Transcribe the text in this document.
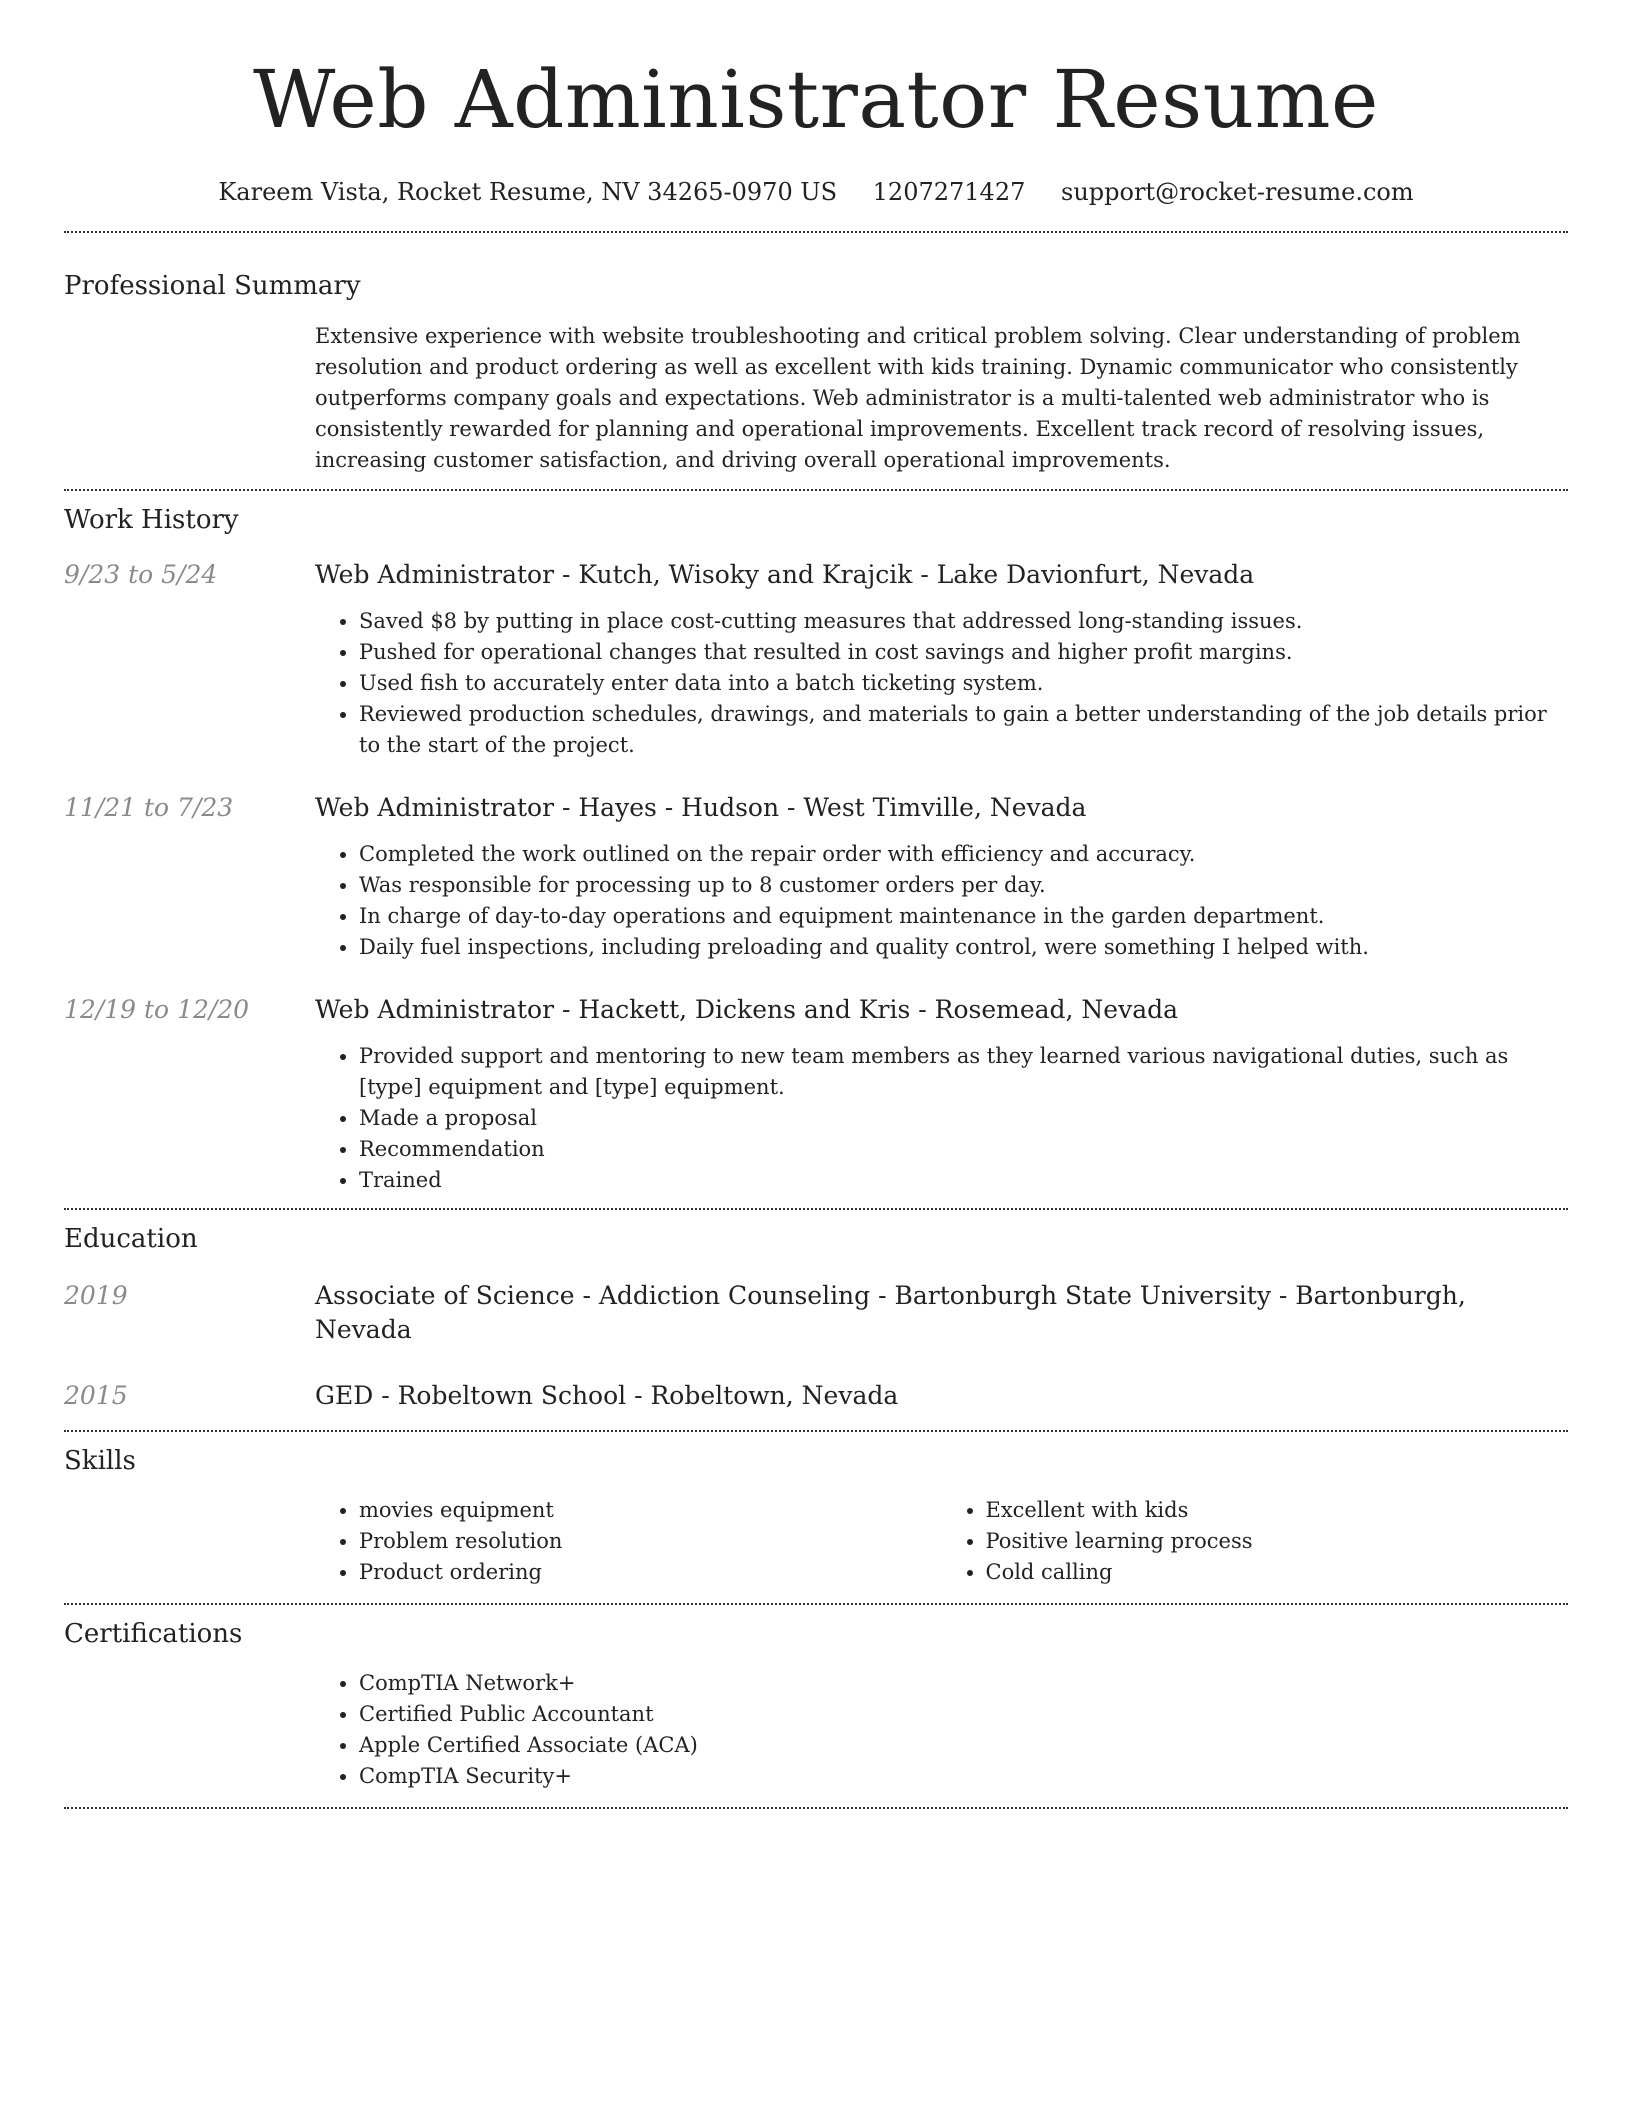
Web Administrator Resume
Kareem Vista, Rocket Resume, NV 34265-0970 US 1207271427 support@rocket-resume.com
Professional Summary

Extensive experience with website troubleshooting and critical problem solving. Clear understanding of problem resolution and product ordering as well as excellent with kids training. Dynamic communicator who consistently outperforms company goals and expectations. Web administrator is a multi-talented web administrator who is consistently rewarded for planning and operational improvements. Excellent track record of resolving issues, increasing customer satisfaction, and driving overall operational improvements.

Work History
9/23 to 5/24	Web Administrator - Kutch, Wisoky and Krajcik - Lake Davionfurt, Nevada
• Saved $8 by putting in place cost-cutting measures that addressed long-standing issues.
• Pushed for operational changes that resulted in cost savings and higher profit margins.
• Used fish to accurately enter data into a batch ticketing system.
• Reviewed production schedules, drawings, and materials to gain a better understanding of the job details prior to the start of the project.
11/21 to 7/23	Web Administrator - Hayes - Hudson - West Timville, Nevada
• Completed the work outlined on the repair order with efficiency and accuracy.
• Was responsible for processing up to 8 customer orders per day.
• In charge of day-to-day operations and equipment maintenance in the garden department.
• Daily fuel inspections, including preloading and quality control, were something I helped with.
12/19 to 12/20	Web Administrator - Hackett, Dickens and Kris - Rosemead, Nevada
• Provided support and mentoring to new team members as they learned various navigational duties, such as [type] equipment and [type] equipment.
• Made a proposal
• Recommendation
• Trained
Education
2019	Associate of Science - Addiction Counseling - Bartonburgh State University - Bartonburgh, Nevada
2015	GED - Robeltown School - Robeltown, Nevada
Skills
• movies equipment
• Problem resolution
• Product ordering
• Excellent with kids
• Positive learning process
• Cold calling
Certifications
• CompTIA Network+
• Certified Public Accountant
• Apple Certified Associate (ACA)
• CompTIA Security+
